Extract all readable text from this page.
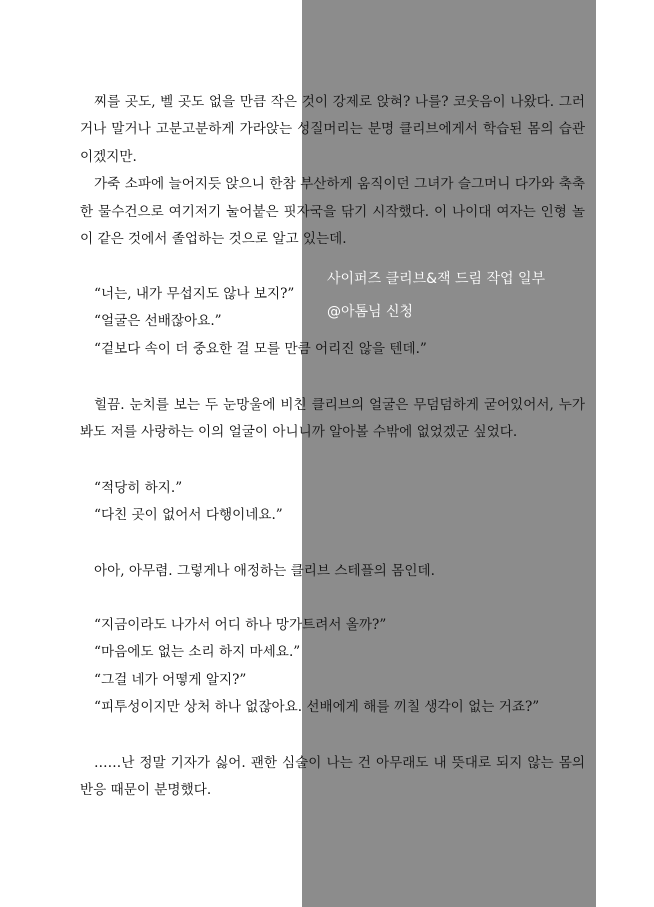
찌를 곳도, 벨 곳도 없을 만큼 작은 것이 강제로 앉혀? 나를? 코웃음이 나왔다. 그러거나 말거나 고분고분하게 가라앉는 성질머리는 분명 클리브에게서 학습된 몸의 습관이겠지만.

가죽 소파에 늘어지듯 앉으니 한참 부산하게 움직이던 그녀가 슬그머니 다가와 축축한 물수건으로 여기저기 눌어붙은 핏자국을 닦기 시작했다. 이 나이대 여자는 인형 놀이 같은 것에서 졸업하는 것으로 알고 있는데.

“너는, 내가 무섭지도 않나 보지?”

“얼굴은 선배잖아요.”

“겉보다 속이 더 중요한 걸 모를 만큼 어리진 않을 텐데.”

힐끔. 눈치를 보는 두 눈망울에 비친 클리브의 얼굴은 무덤덤하게 굳어있어서, 누가 봐도 저를 사랑하는 이의 얼굴이 아니니까 알아볼 수밖에 없었겠군 싶었다.

“적당히 하지.”

“다친 곳이 없어서 다행이네요.”

아아, 아무렴. 그렇게나 애정하는 클리브 스테플의 몸인데.

“지금이라도 나가서 어디 하나 망가트려서 올까?”

“마음에도 없는 소리 하지 마세요.”

“그걸 네가 어떻게 알지?”

“피투성이지만 상처 하나 없잖아요. 선배에게 해를 끼칠 생각이 없는 거죠?”

……난 정말 기자가 싫어. 괜한 심술이 나는 건 아무래도 내 뜻대로 되지 않는 몸의 반응 때문이 분명했다.

사이퍼즈 클리브&잭 드림 작업 일부
@아톰님 신청
